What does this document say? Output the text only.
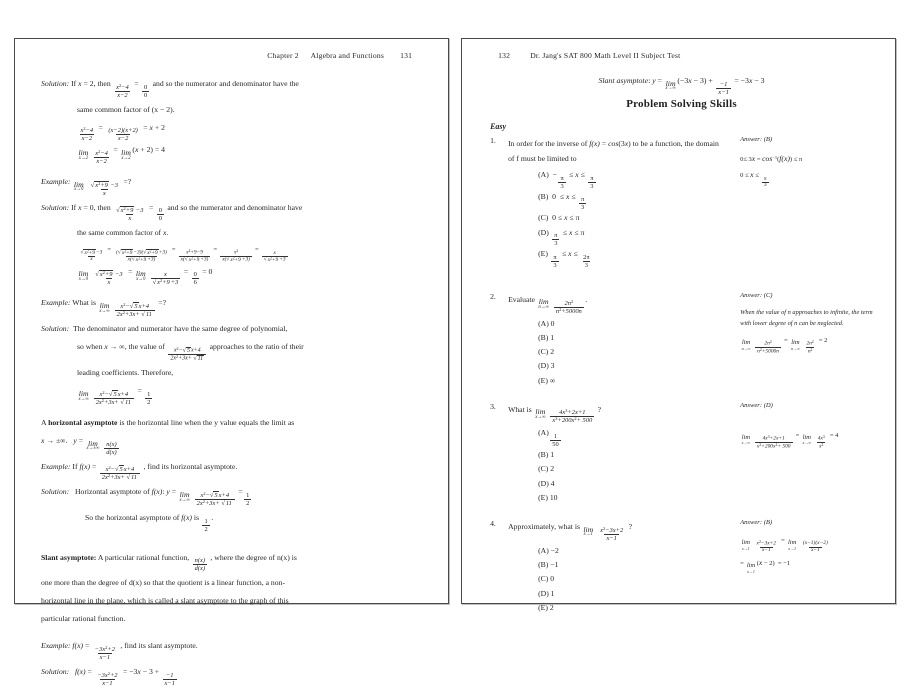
Chapter 2 Algebra and Functions 131
Solution: If x = 2, then
$\frac{x^2-4}{x-2}$
=
$\frac{0}{0}$
and so the numerator and denominator have the
same common factor of (x − 2).
$\frac{x^2-4}{x-2}$
=
$\frac{(x-2)(x+2)}{x-2}$
= x + 2
lim
x→2
$\frac{x^2-4}{x-2}$
= lim
x→2
(x + 2) = 4
Example: lim
x→0
$\frac{√x^2+9 -3}{x}$
=?
Solution: If x = 0, then
$\frac{√x^2+9 -3}{x}$
=
$\frac{0}{0}$
and so the numerator and denominator have
the same common factor of x.
$\frac{√x^2+9-3}{x}$
=
$\frac{(√x^2+9-3)(√x^2+9+3)}{x(√x^2+9+3)}$
=
$\frac{x^2+9-9}{x(√x^2+9+3)}$
=
$\frac{x^2}{x(√x^2+9+3)}$
=
$\frac{x}{√x^2+9+3}$
lim
x→0
$\frac{√x^2+9 -3}{x}$
= lim
x→0
$\frac{x}{√x^2+9+3}$
=
$\frac{0}{6}$
= 0
Example: What is lim
x→∞
$\frac{x^2-√5x+4}{2x^2+3x+ √11}$
=?
Solution: The denominator and numerator have the same degree of polynomial,
so when x → ∞, the value of
$\frac{x^2-√5x+4}{2x^2+3x+ √11}$
approaches to the ratio of their
leading coefficients. Therefore,
lim
x→∞
$\frac{x^2-√5x+4}{2x^2+3x+ √11}$
=
$\frac{1}{2}$
A horizontal asymptote is the horizontal line when the y value equals the limit as
x → ±∞.   y = lim
x→±∞
$\frac{n(x)}{d(x)}$
Example: If f(x) =
$\frac{x^2-√5x+4}{2x^2+3x+ √11}$
, find its horizontal asymptote.
Solution:   Horizontal asymptote of f(x): y = lim
x→∞
$\frac{x^2-√5x+4}{2x^2+3x+ √11}$
=
$\frac{1}{2}$
So the horizontal asymptote of f(x) is
$\frac{1}{2}$
.
Slant asymptote: A particular rational function,
$\frac{n(x)}{d(x)}$
, where the degree of n(x) is
one more than the degree of d(x) so that the quotient is a linear function, a non-
horizontal line in the plane, which is called a slant asymptote to the graph of this
particular rational function.
Example: f(x) =
$\frac{-3x^2+2}{x-1}$
, find its slant asymptote.
Solution:   f(x) =
$\frac{-3x^2+2}{x-1}$
= −3x − 3 +
$\frac{-1}{x-1}$
132	Dr. Jang's SAT 800 Math Level II Subject Test
Slant asymptote: y = lim
x→∞
(−3x − 3) +
$\frac{-1}{x-1}$
= −3x − 3
Problem Solving Skills
Easy
1.	In order for the inverse of f(x) = cos(3x) to be a function, the domain of f must be limited to
(A)  −
$\frac{\pi}{3}$
≤ x ≤
$\frac{\pi}{3}$
(B)  0  ≤ x ≤
$\frac{\pi}{3}$
(C)  0 ≤ x ≤ π
(D)
$\frac{\pi}{3}$
≤ x ≤ π
(E)
$\frac{\pi}{3}$
≤ x ≤
$\frac{2\pi}{3}$
Answer: (B)
$0\le 3x = \cos^{-1}(f(x)) \le \pi$
0 ≤ x ≤
$\frac{\pi}{3}$
2.	Evaluate lim
n→∞
$\frac{2n^2}{n^2+5000n}$
.
(A) 0
(B) 1
(C) 2
(D) 3
(E) ∞
Answer: (C)
When the value of n approaches to infinite, the term with lower degree of n can be neglected.
lim
n→∞
$\frac{2n^2}{n^2+5000n} = \lim$
n→∞
$\frac{2n^2}{n^2} = 2$
3.	What is lim
x→∞
$\frac{4x^3+2x+1}{x^3+200x^2+ 500}$
?
(A)
$\frac{1}{50}$
(B) 1
(C) 2
(D) 4
(E) 10
Answer: (D)
lim
x→∞
$\frac{4x^3+2x+1}{x^3+200x^2+ 500} = \lim$
x→∞
$\frac{4x^3}{x^3} = 4$
4.	Approximately, what is lim
x→1
$\frac{x^2-3x+2}{x-1}$
?
(A) −2
(B) −1
(C) 0
(D) 1
(E) 2
Answer: (B)
lim
x→1
$\frac{x^2-3x+2}{x-1} = \lim$
x→1
$\frac{(x-1)(x-2)}{x-1}$
= lim
x→1
(x − 2)  = −1
